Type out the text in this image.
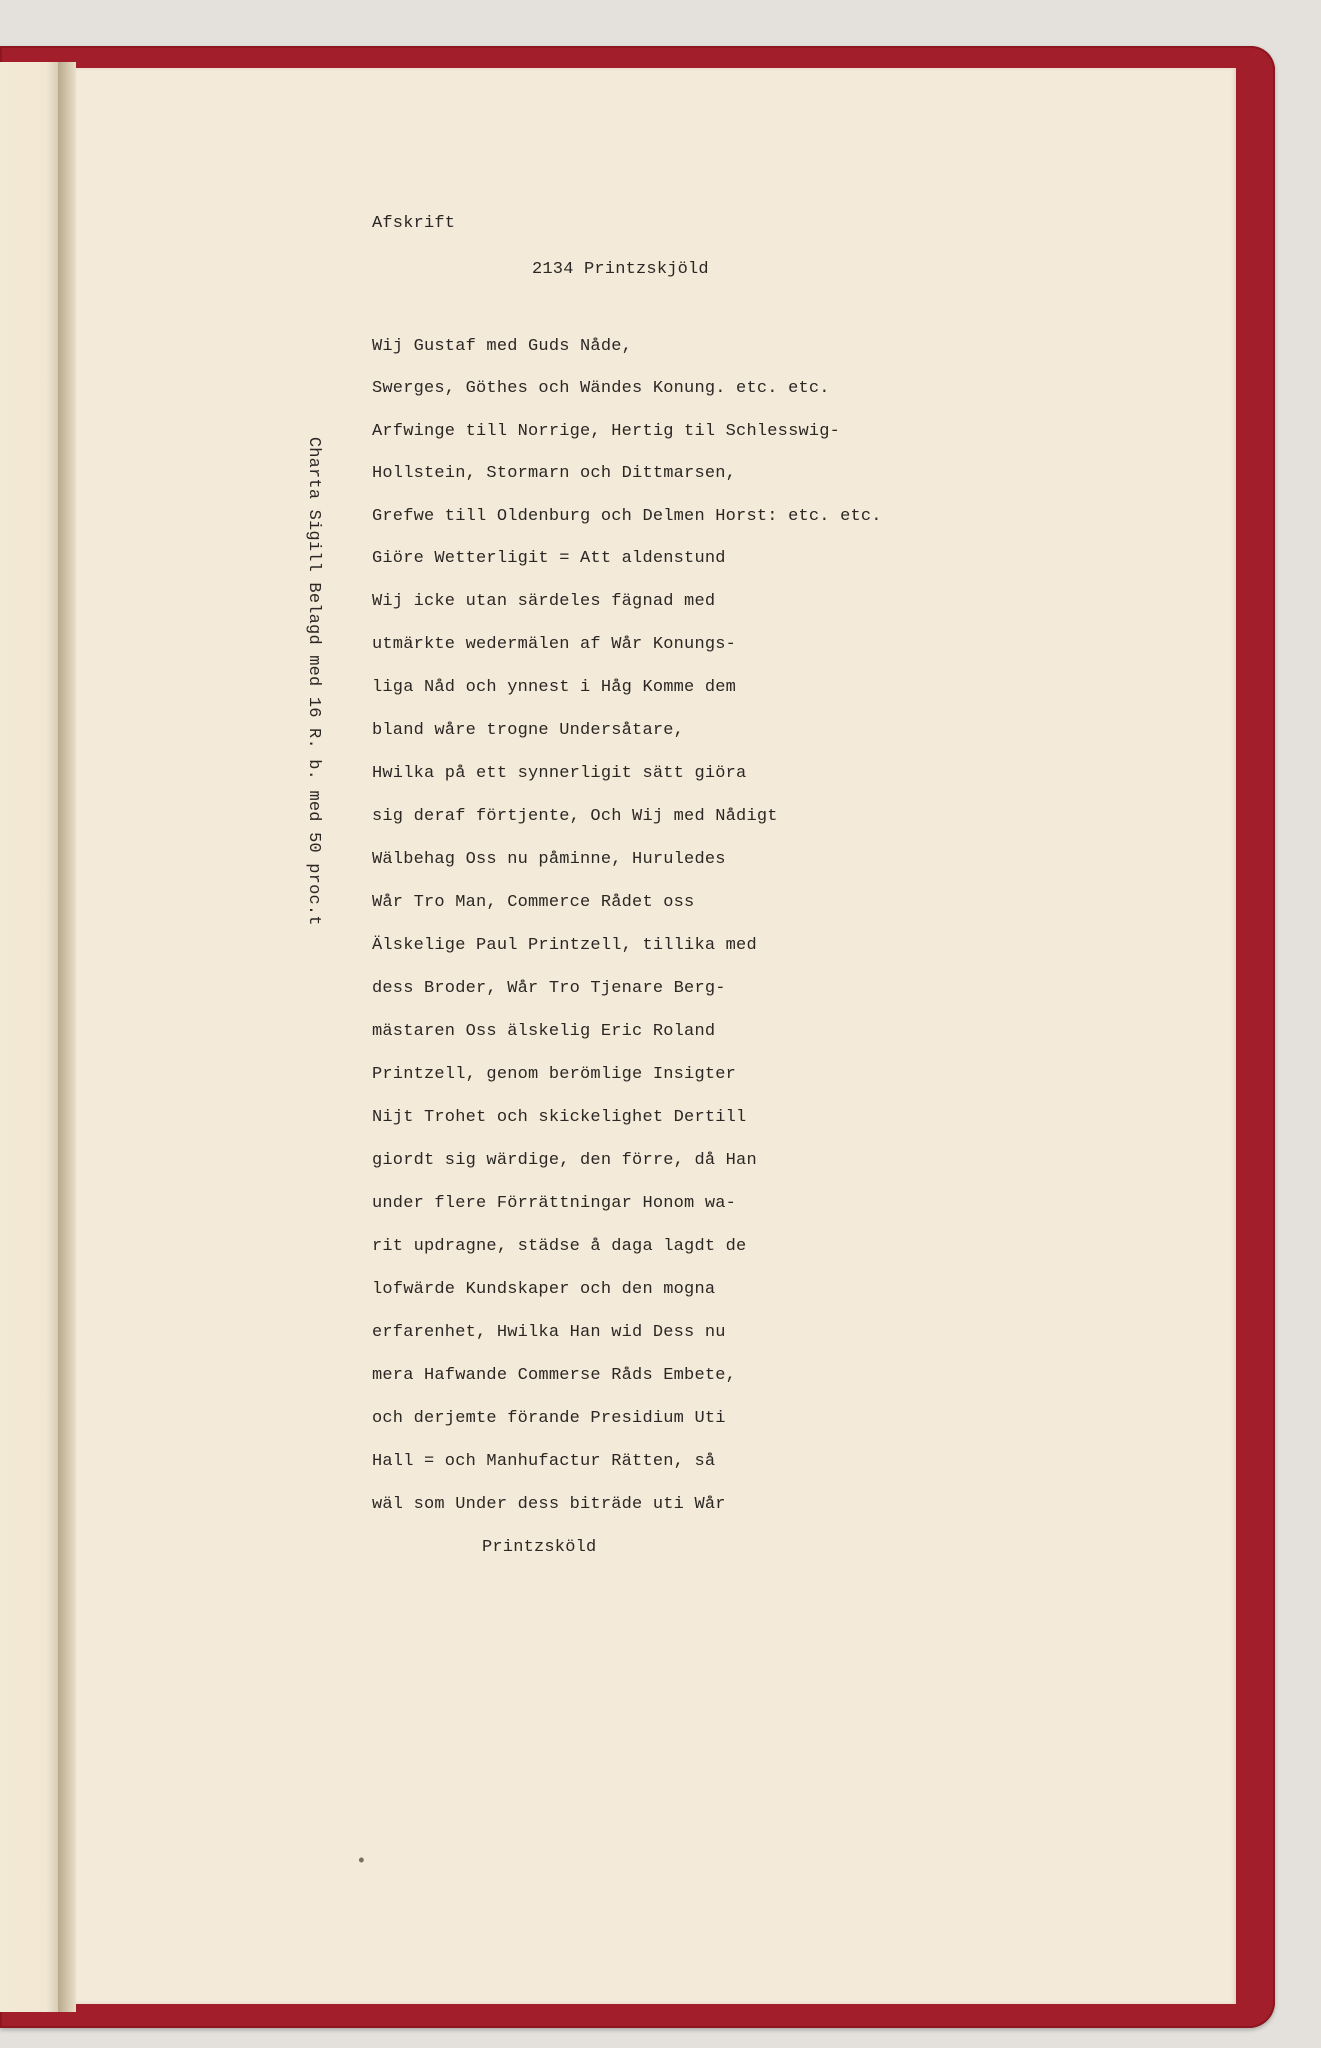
Afskrift
2134 Printzskjöld

Charta Sigill Belagd med 16 R. b. med 50 proc.t

Wij Gustaf med Guds Nåde,
Swerges, Göthes och Wändes Konung. etc. etc.
Arfwinge till Norrige, Hertig til Schlesswig-
Hollstein, Stormarn och Dittmarsen,
Grefwe till Oldenburg och Delmen Horst: etc. etc.
Giöre Wetterligit = Att aldenstund
Wij icke utan särdeles fägnad med
utmärkte wedermälen af Wår Konungs-
liga Nåd och ynnest i Håg Komme dem
bland wåre trogne Undersåtare,
Hwilka på ett synnerligit sätt giöra
sig deraf förtjente, Och Wij med Nådigt
Wälbehag Oss nu påminne, Huruledes
Wår Tro Man, Commerce Rådet oss
Älskelige Paul Printzell, tillika med
dess Broder, Wår Tro Tjenare Berg-
mästaren Oss älskelig Eric Roland
Printzell, genom berömlige Insigter
Nijt Trohet och skickelighet Dertill
giordt sig wärdige, den förre, då Han
under flere Förrättningar Honom wa-
rit updragne, städse å daga lagdt de
lofwärde Kundskaper och den mogna
erfarenhet, Hwilka Han wid Dess nu
mera Hafwande Commerse Råds Embete,
och derjemte förande Presidium Uti
Hall = och Manhufactur Rätten, så
wäl som Under dess biträde uti Wår
Printzsköld
•
